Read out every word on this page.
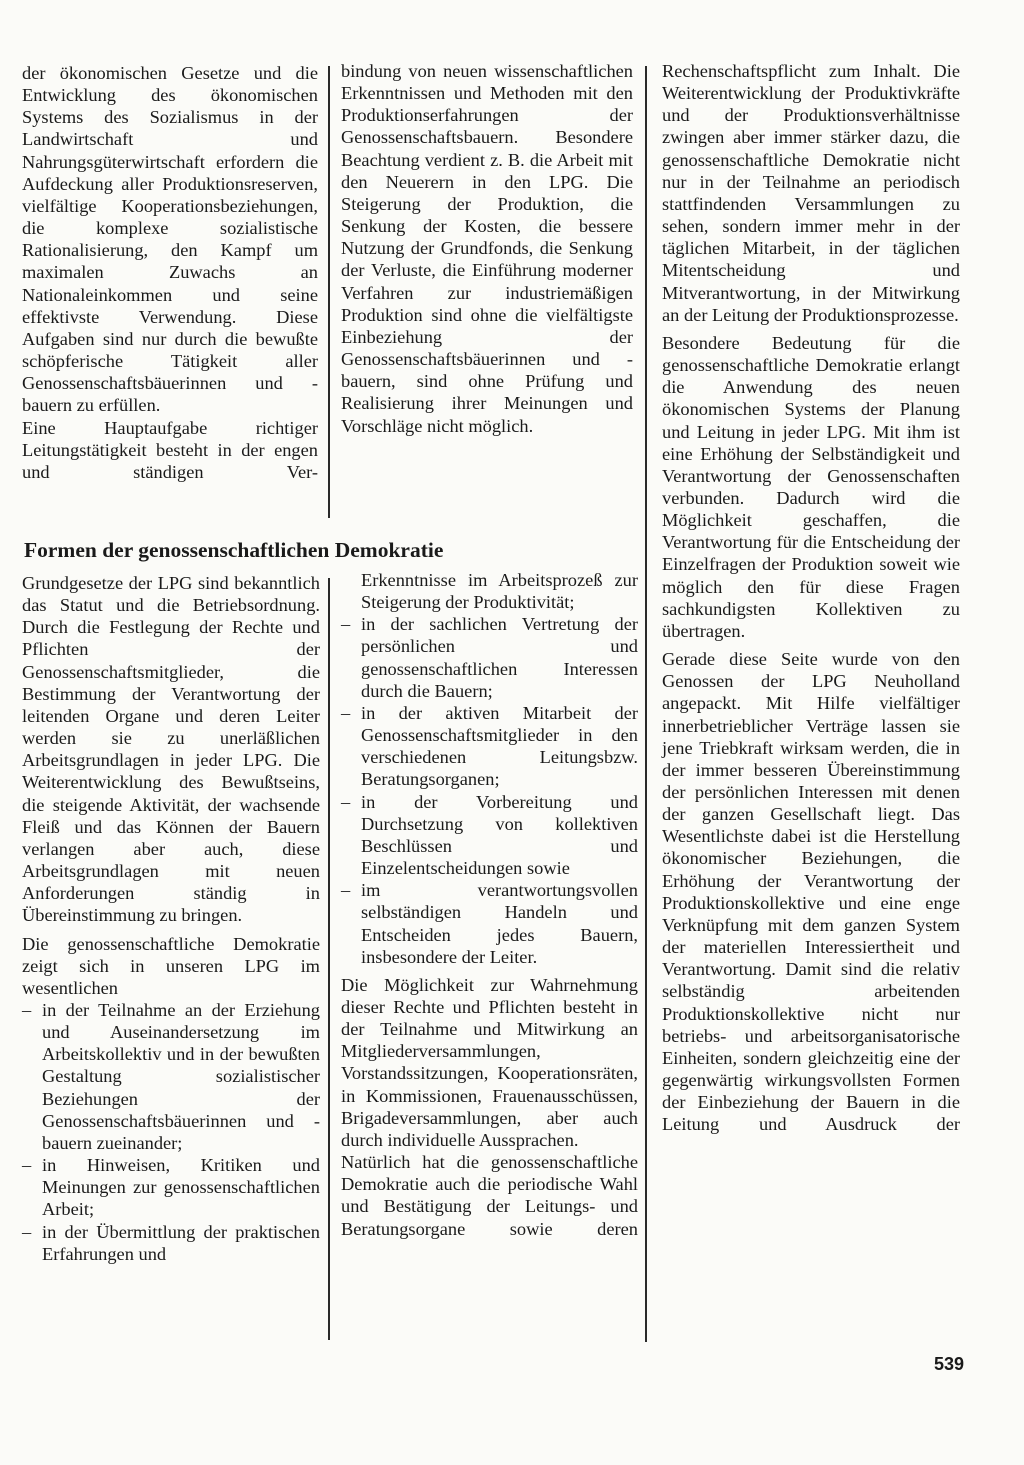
der ökonomischen Gesetze und die Entwicklung des ökonomischen Systems des Sozialismus in der Landwirtschaft und Nahrungsgüterwirtschaft erfordern die Aufdeckung aller Produktionsreserven, vielfältige Kooperationsbeziehungen, die komplexe sozialistische Rationalisierung, den Kampf um maximalen Zuwachs an Nationaleinkommen und seine effektivste Verwendung. Diese Aufgaben sind nur durch die bewußte schöpferische Tätigkeit aller Genossenschaftsbäuerinnen und -bauern zu erfüllen.

Eine Hauptaufgabe richtiger Leitungstätigkeit besteht in der engen und ständigen Ver-

bindung von neuen wissenschaftlichen Erkenntnissen und Methoden mit den Produktionserfahrungen der Genossenschaftsbauern. Besondere Beachtung verdient z. B. die Arbeit mit den Neuerern in den LPG. Die Steigerung der Produktion, die Senkung der Kosten, die bessere Nutzung der Grundfonds, die Senkung der Verluste, die Einführung moderner Verfahren zur industriemäßigen Produktion sind ohne die vielfältigste Einbeziehung der Genossenschaftsbäuerinnen und -bauern, sind ohne Prüfung und Realisierung ihrer Meinungen und Vorschläge nicht möglich.

Rechenschaftspflicht zum Inhalt. Die Weiterentwicklung der Produktivkräfte und der Produktionsverhältnisse zwingen aber immer stärker dazu, die genossenschaftliche Demokratie nicht nur in der Teilnahme an periodisch stattfindenden Versammlungen zu sehen, sondern immer mehr in der täglichen Mitarbeit, in der täglichen Mitentscheidung und Mitverantwortung, in der Mitwirkung an der Leitung der Produktionsprozesse.

Besondere Bedeutung für die genossenschaftliche Demokratie erlangt die Anwendung des neuen ökonomischen Systems der Planung und Leitung in jeder LPG. Mit ihm ist eine Erhöhung der Selbständigkeit und Verantwortung der Genossenschaften verbunden. Dadurch wird die Möglichkeit geschaffen, die Verantwortung für die Entscheidung der Einzelfragen der Produktion soweit wie möglich den für diese Fragen sachkundigsten Kollektiven zu übertragen.

Gerade diese Seite wurde von den Genossen der LPG Neuholland angepackt. Mit Hilfe vielfältiger innerbetrieblicher Verträge lassen sie jene Triebkraft wirksam werden, die in der immer besseren Übereinstimmung der persönlichen Interessen mit denen der ganzen Gesellschaft liegt. Das Wesentlichste dabei ist die Herstellung ökonomischer Beziehungen, die Erhöhung der Verantwortung der Produktionskollektive und eine enge Verknüpfung mit dem ganzen System der materiellen Interessiertheit und Verantwortung. Damit sind die relativ selbständig arbeitenden Produktionskollektive nicht nur betriebs- und arbeitsorganisatorische Einheiten, sondern gleichzeitig eine der gegenwärtig wirkungsvollsten Formen der Einbeziehung der Bauern in die Leitung und Ausdruck der

Formen der genossenschaftlichen Demokratie

Grundgesetze der LPG sind bekanntlich das Statut und die Betriebsordnung. Durch die Festlegung der Rechte und Pflichten der Genossenschaftsmitglieder, die Bestimmung der Verantwortung der leitenden Organe und deren Leiter werden sie zu unerläßlichen Arbeitsgrundlagen in jeder LPG. Die Weiterentwicklung des Bewußtseins, die steigende Aktivität, der wachsende Fleiß und das Können der Bauern verlangen aber auch, diese Arbeitsgrundlagen mit neuen Anforderungen ständig in Übereinstimmung zu bringen.

Die genossenschaftliche Demokratie zeigt sich in unseren LPG im wesentlichen

– in der Teilnahme an der Erziehung und Auseinandersetzung im Arbeitskollektiv und in der bewußten Gestaltung sozialistischer Beziehungen der Genossenschaftsbäuerinnen und -bauern zueinander;
– in Hinweisen, Kritiken und Meinungen zur genossenschaftlichen Arbeit;
– in der Übermittlung der praktischen Erfahrungen und

Erkenntnisse im Arbeitsprozeß zur Steigerung der Produktivität;

– in der sachlichen Vertretung der persönlichen und genossenschaftlichen Interessen durch die Bauern;
– in der aktiven Mitarbeit der Genossenschaftsmitglieder in den verschiedenen Leitungsbzw. Beratungsorganen;
– in der Vorbereitung und Durchsetzung von kollektiven Beschlüssen und Einzelentscheidungen sowie
– im verantwortungsvollen selbständigen Handeln und Entscheiden jedes Bauern, insbesondere der Leiter.

Die Möglichkeit zur Wahrnehmung dieser Rechte und Pflichten besteht in der Teilnahme und Mitwirkung an Mitgliederversammlungen, Vorstandssitzungen, Kooperationsräten, in Kommissionen, Frauenausschüssen, Brigadeversammlungen, aber auch durch individuelle Aussprachen.

Natürlich hat die genossenschaftliche Demokratie auch die periodische Wahl und Bestätigung der Leitungs- und Beratungsorgane sowie deren

539
